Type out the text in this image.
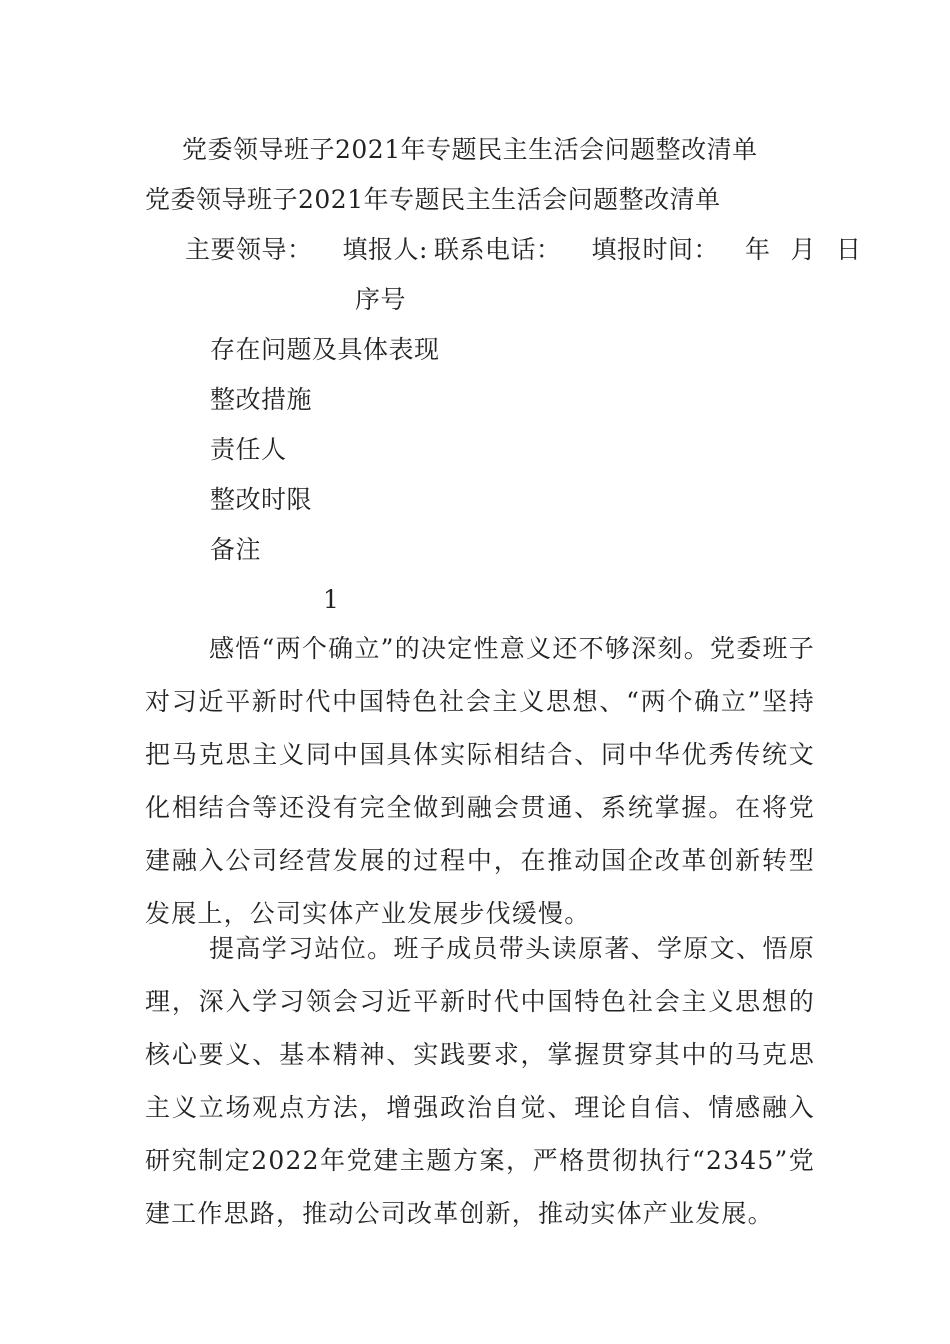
党委领导班子2021年专题民主生活会问题整改清单
党委领导班子2021年专题民主生活会问题整改清单
主要领导： 填报人: 联系电话： 填报时间： 年 月 日
序号
存在问题及具体表现
整改措施
责任人
整改时限
备注
1
感悟“两个确立”的决定性意义还不够深刻。党委班子对习近平新时代中国特色社会主义思想、“两个确立”坚持把马克思主义同中国具体实际相结合、同中华优秀传统文化相结合等还没有完全做到融会贯通、系统掌握。在将党建融入公司经营发展的过程中，在推动国企改革创新转型发展上，公司实体产业发展步伐缓慢。
提高学习站位。班子成员带头读原著、学原文、悟原理，深入学习领会习近平新时代中国特色社会主义思想的核心要义、基本精神、实践要求，掌握贯穿其中的马克思主义立场观点方法，增强政治自觉、理论自信、情感融入研究制定2022年党建主题方案，严格贯彻执行“2345”党建工作思路，推动公司改革创新，推动实体产业发展。
